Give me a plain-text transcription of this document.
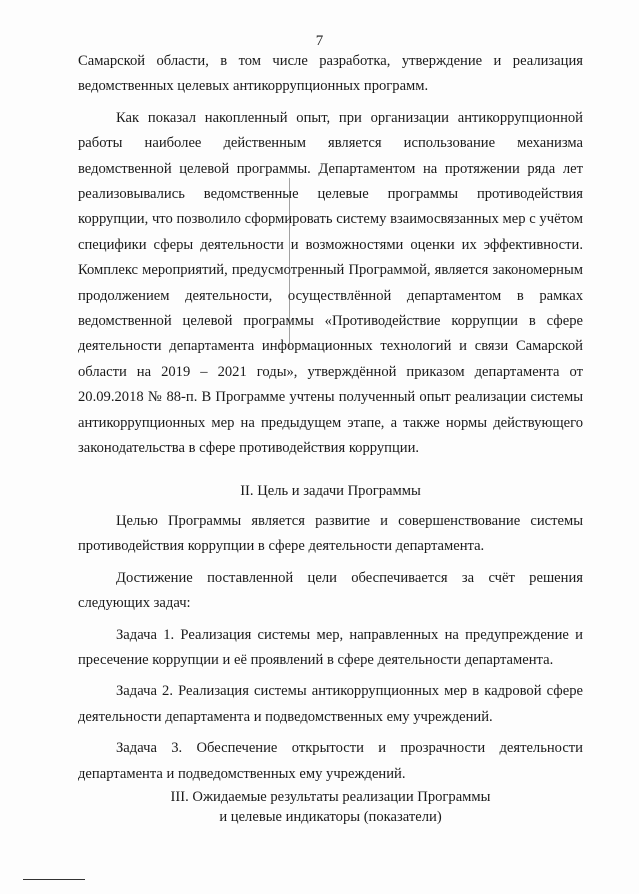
7

Самарской области, в том числе разработка, утверждение и реализация ведомственных целевых антикоррупционных программ.

Как показал накопленный опыт, при организации антикоррупционной работы наиболее действенным является использование механизма ведомственной целевой программы. Департаментом на протяжении ряда лет реализовывались ведомственные целевые программы противодействия коррупции, что позволило сформировать систему взаимосвязанных мер с учётом специфики сферы деятельности и возможностями оценки их эффективности. Комплекс мероприятий, предусмотренный Программой, является закономерным продолжением деятельности, осуществлённой департаментом в рамках ведомственной целевой программы «Противодействие коррупции в сфере деятельности департамента информационных технологий и связи Самарской области на 2019 – 2021 годы», утверждённой приказом департамента от 20.09.2018 № 88-п. В Программе учтены полученный опыт реализации системы антикоррупционных мер на предыдущем этапе, а также нормы действующего законодательства в сфере противодействия коррупции.

II. Цель и задачи Программы

Целью Программы является развитие и совершенствование системы противодействия коррупции в сфере деятельности департамента.

Достижение поставленной цели обеспечивается за счёт решения следующих задач:

Задача 1. Реализация системы мер, направленных на предупреждение и пресечение коррупции и её проявлений в сфере деятельности департамента.

Задача 2. Реализация системы антикоррупционных мер в кадровой сфере деятельности департамента и подведомственных ему учреждений.

Задача 3. Обеспечение открытости и прозрачности деятельности департамента и подведомственных ему учреждений.

III. Ожидаемые результаты реализации Программы
и целевые индикаторы (показатели)
